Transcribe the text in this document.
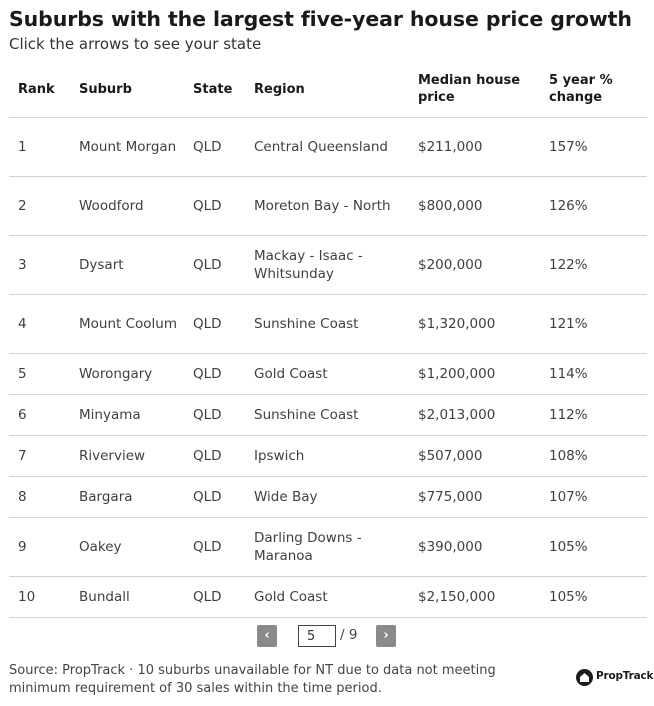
Suburbs with the largest five-year house price growth
Click the arrows to see your state
Rank	Suburb	State	Region	Median house price	5 year % change
1	Mount Morgan	QLD	Central Queensland	$211,000	157%
2	Woodford	QLD	Moreton Bay - North	$800,000	126%
3	Dysart	QLD	Mackay - Isaac - Whitsunday	$200,000	122%
4	Mount Coolum	QLD	Sunshine Coast	$1,320,000	121%
5	Worongary	QLD	Gold Coast	$1,200,000	114%
6	Minyama	QLD	Sunshine Coast	$2,013,000	112%
7	Riverview	QLD	Ipswich	$507,000	108%
8	Bargara	QLD	Wide Bay	$775,000	107%
9	Oakey	QLD	Darling Downs - Maranoa	$390,000	105%
10	Bundall	QLD	Gold Coast	$2,150,000	105%
‹
5	/ 9	›
Source: PropTrack · 10 suburbs unavailable for NT due to data not meeting minimum requirement of 30 sales within the time period.
PropTrack
